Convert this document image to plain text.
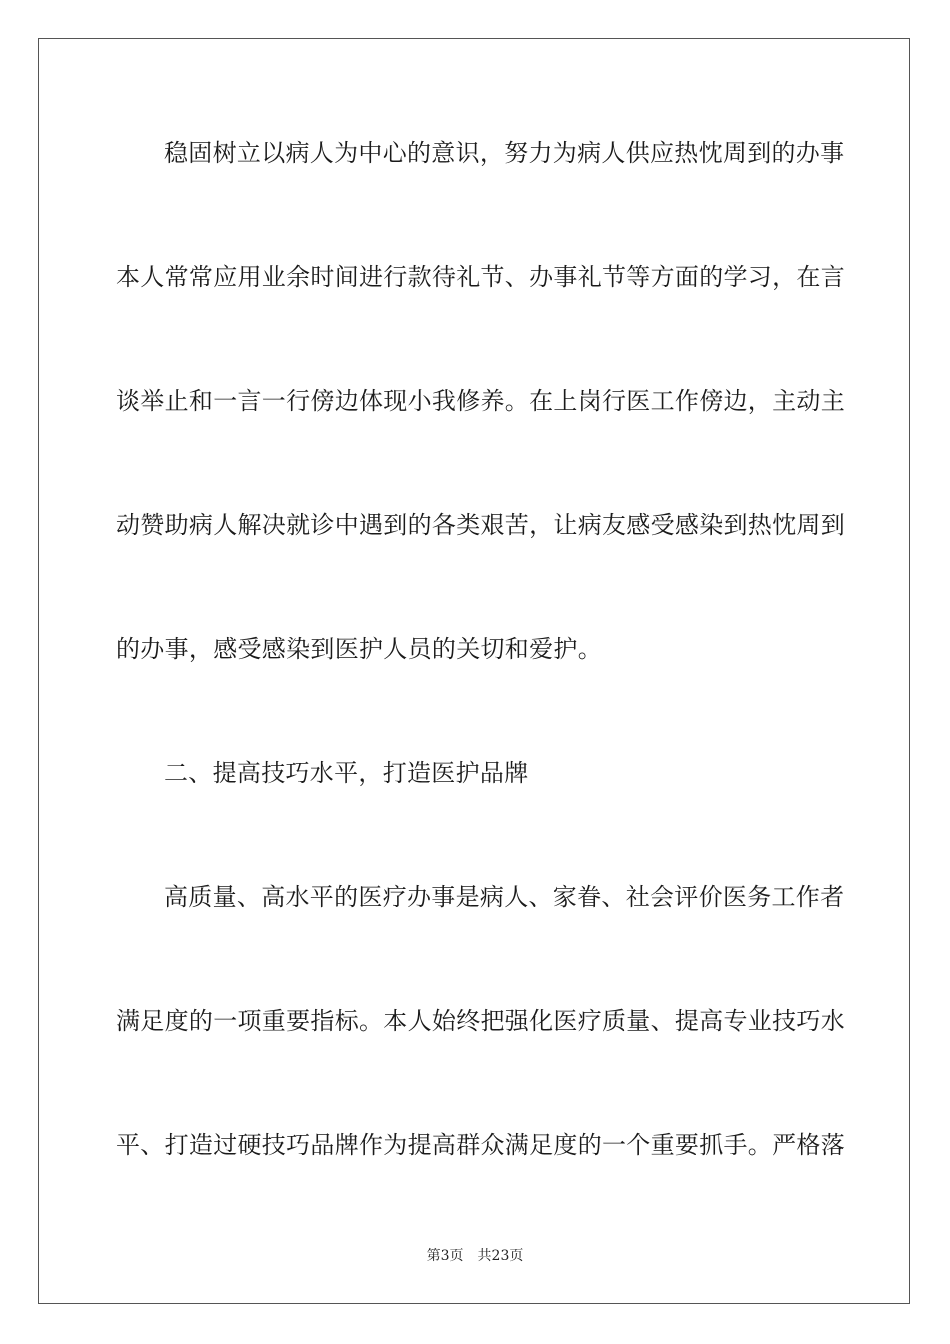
稳固树立以病人为中心的意识，努力为病人供应热忱周到的办事
本人常常应用业余时间进行款待礼节、办事礼节等方面的学习，在言
谈举止和一言一行傍边体现小我修养。在上岗行医工作傍边，主动主
动赞助病人解决就诊中遇到的各类艰苦，让病友感受感染到热忱周到
的办事，感受感染到医护人员的关切和爱护。
二、提高技巧水平，打造医护品牌
高质量、高水平的医疗办事是病人、家眷、社会评价医务工作者
满足度的一项重要指标。本人始终把强化医疗质量、提高专业技巧水
平、打造过硬技巧品牌作为提高群众满足度的一个重要抓手。严格落
第3页 共23页
